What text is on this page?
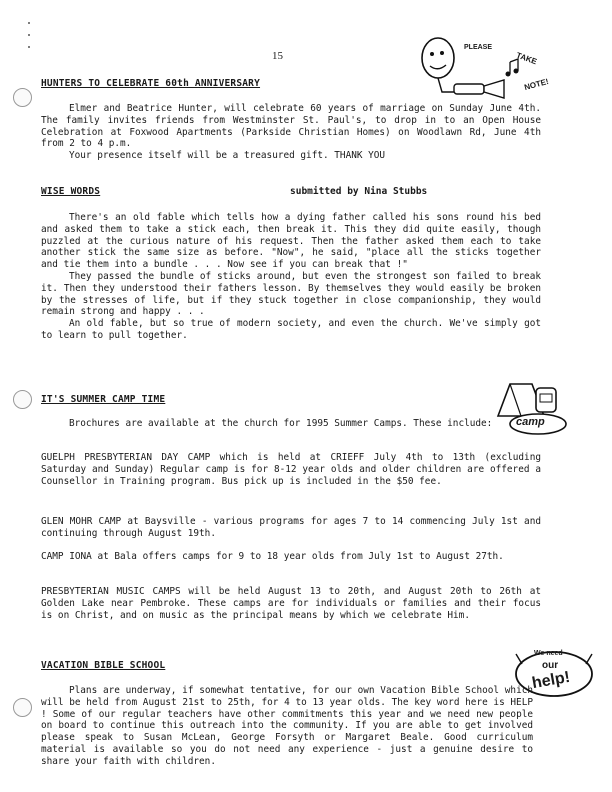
15
PLEASE
TAKE
NOTE!
HUNTERS TO CELEBRATE 60th ANNIVERSARY

Elmer and Beatrice Hunter, will celebrate 60 years of marriage on Sunday June 4th. The family invites friends from Westminster St. Paul's, to drop in to an Open House Celebration at Foxwood Apartments (Parkside Christian Homes) on Woodlawn Rd, June 4th from 2 to 4 p.m.

Your presence itself will be a treasured gift. THANK YOU

WISE WORDS	submitted by Nina Stubbs

There's an old fable which tells how a dying father called his sons round his bed and asked them to take a stick each, then break it. This they did quite easily, though puzzled at the curious nature of his request. Then the father asked them each to take another stick the same size as before. "Now", he said, "place all the sticks together and tie them into a bundle . . . Now see if you can break that !"

They passed the bundle of sticks around, but even the strongest son failed to break it. Then they understood their fathers lesson. By themselves they would easily be broken by the stresses of life, but if they stuck together in close companionship, they would remain strong and happy . . .

An old fable, but so true of modern society, and even the church. We've simply got to learn to pull together.

IT'S SUMMER CAMP TIME
camp

Brochures are available at the church for 1995 Summer Camps. These include:

GUELPH PRESBYTERIAN DAY CAMP which is held at CRIEFF July 4th to 13th (excluding Saturday and Sunday) Regular camp is for 8-12 year olds and older children are offered a Counsellor in Training program. Bus pick up is included in the $50 fee.

GLEN MOHR CAMP at Baysville - various programs for ages 7 to 14 commencing July 1st and continuing through August 19th.

CAMP IONA at Bala offers camps for 9 to 18 year olds from July 1st to August 27th.

PRESBYTERIAN MUSIC CAMPS will be held August 13 to 20th, and August 20th to 26th at Golden Lake near Pembroke. These camps are for individuals or families and their focus is on Christ, and on music as the principal means by which we celebrate Him.

VACATION BIBLE SCHOOL
We need
our
help!

Plans are underway, if somewhat tentative, for our own Vacation Bible School which will be held from August 21st to 25th, for 4 to 13 year olds. The key word here is HELP ! Some of our regular teachers have other commitments this year and we need new people on board to continue this outreach into the community. If you are able to get involved please speak to Susan McLean, George Forsyth or Margaret Beale. Good curriculum material is available so you do not need any experience - just a genuine desire to share your faith with children.
